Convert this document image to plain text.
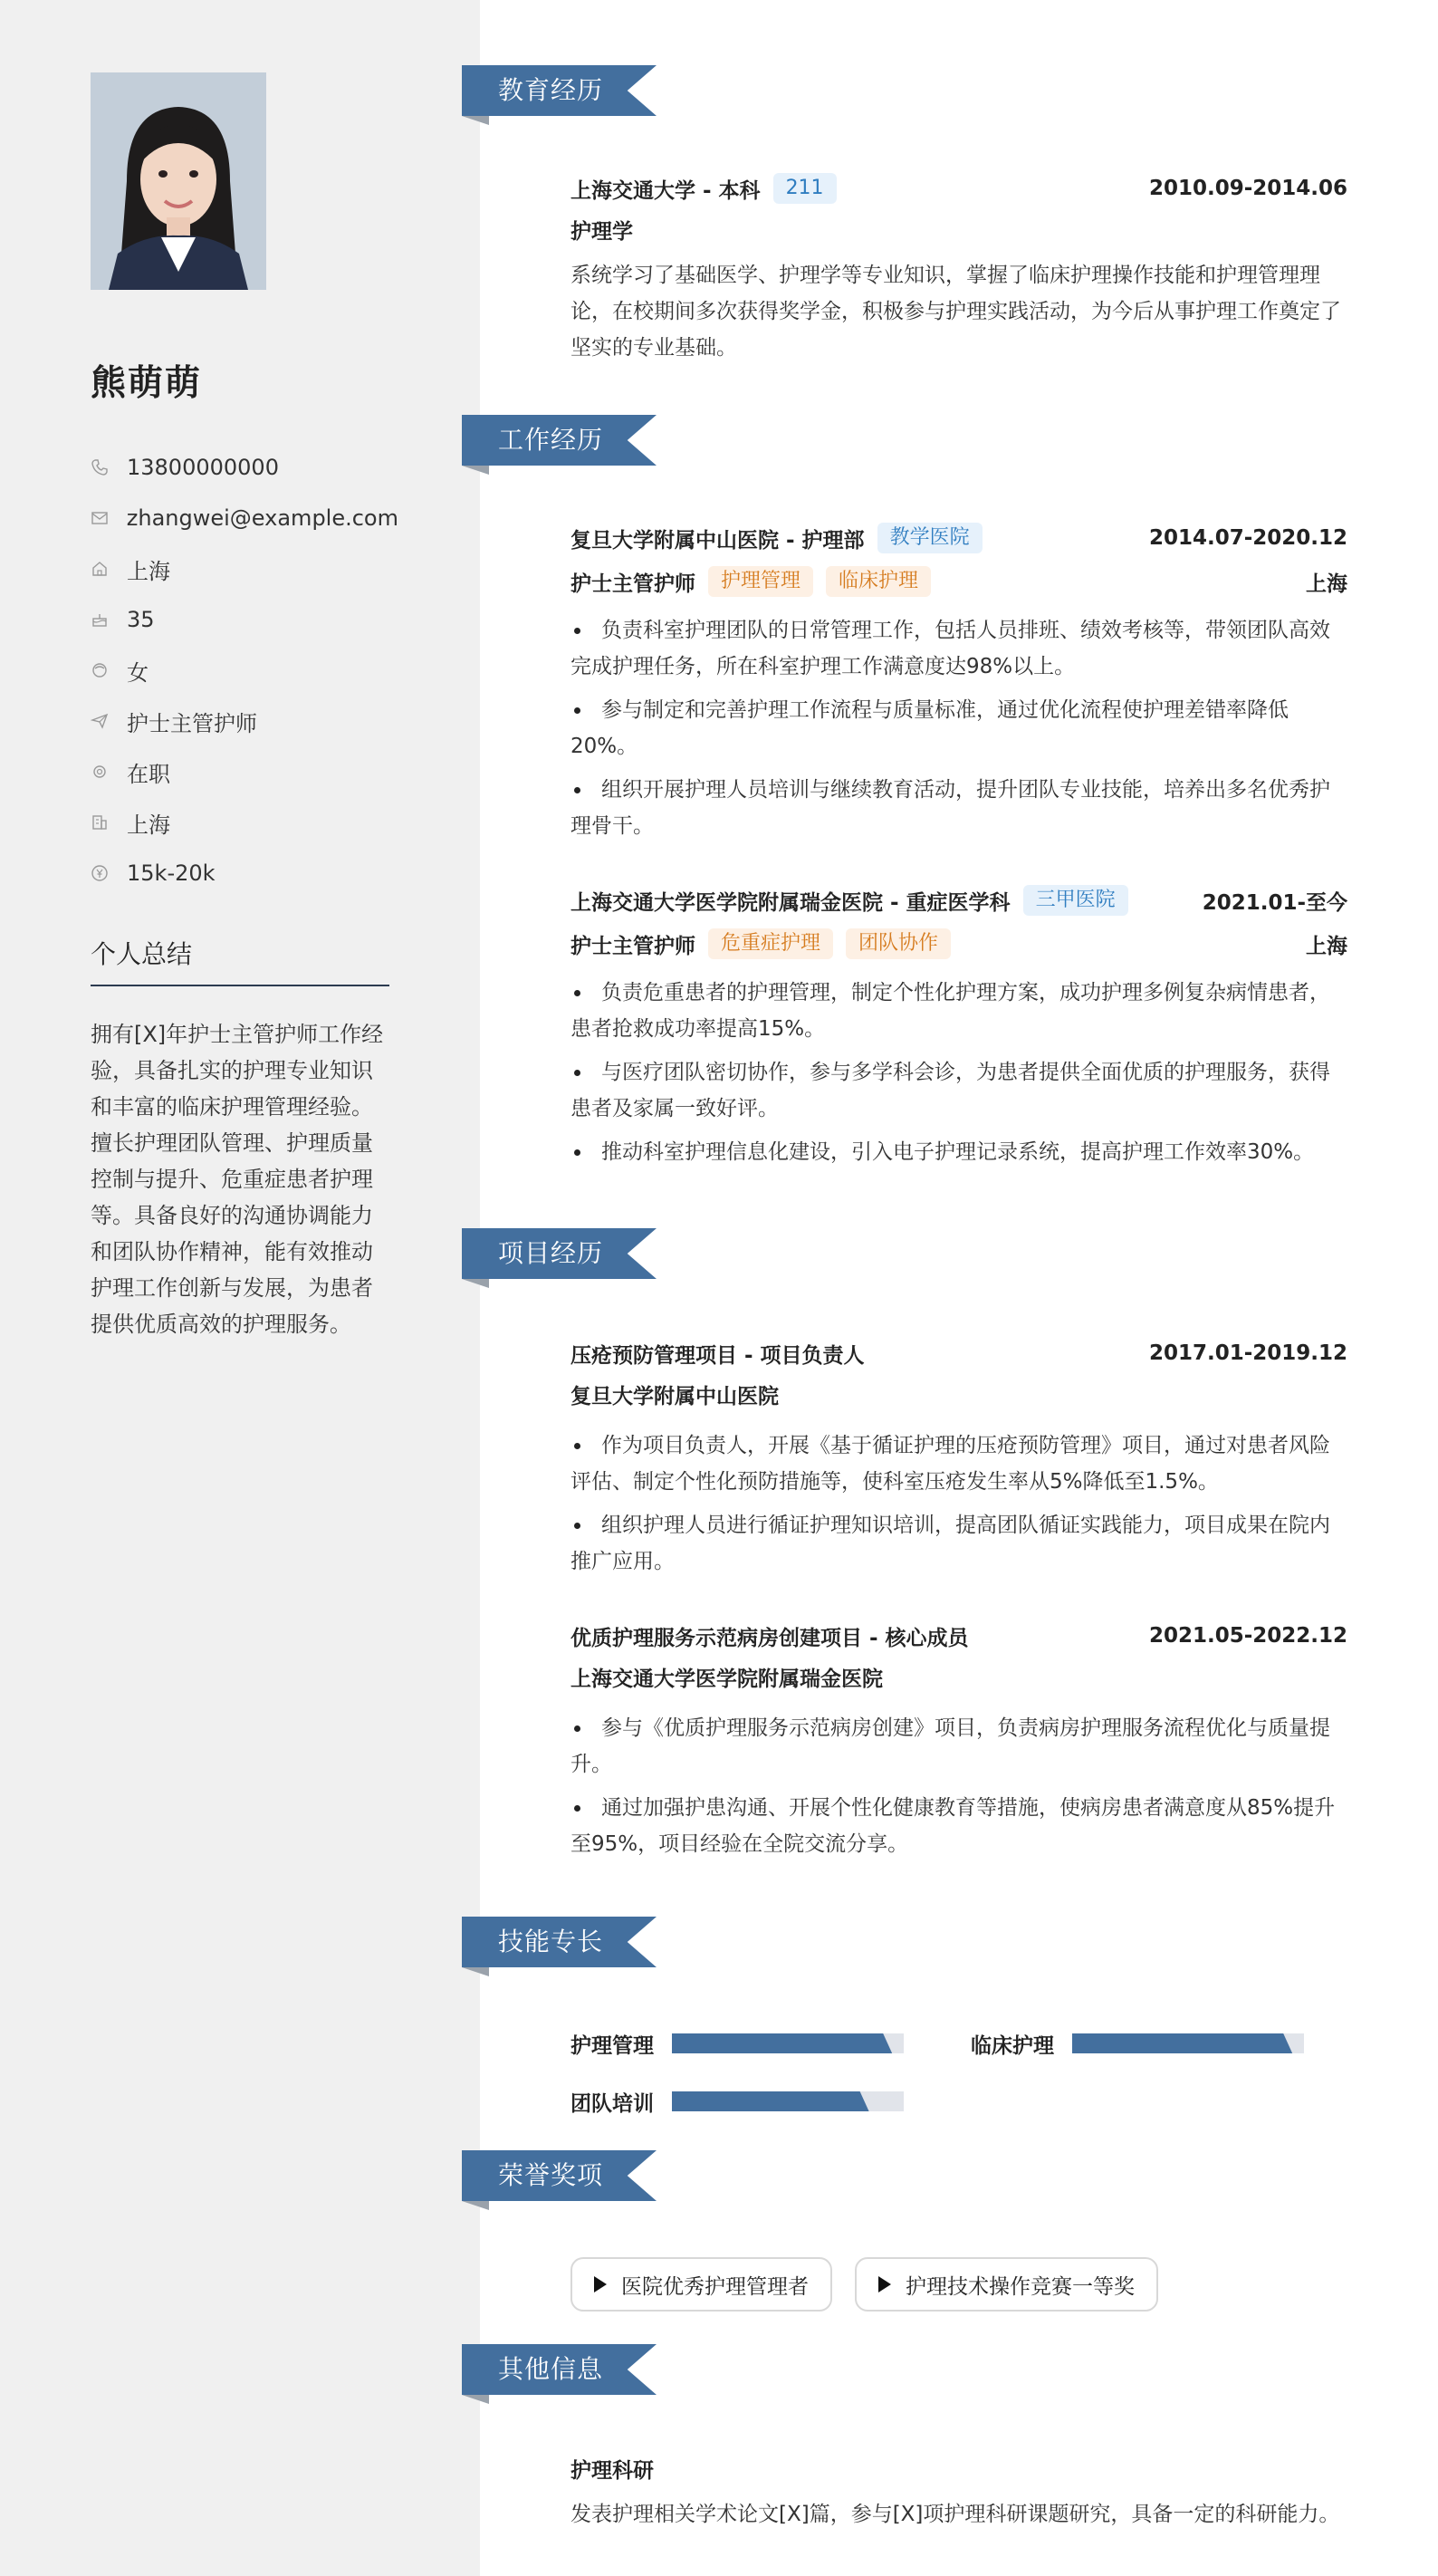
熊萌萌
13800000000
zhangwei@example.com
上海
35
女
护士主管护师
在职
上海
15k-20k
个人总结
拥有[X]年护士主管护师工作经验，具备扎实的护理专业知识和丰富的临床护理管理经验。擅长护理团队管理、护理质量控制与提升、危重症患者护理等。具备良好的沟通协调能力和团队协作精神，能有效推动护理工作创新与发展，为患者提供优质高效的护理服务。
教育经历
上海交通大学 - 本科	211	2010.09-2014.06
护理学
系统学习了基础医学、护理学等专业知识，掌握了临床护理操作技能和护理管理理论，在校期间多次获得奖学金，积极参与护理实践活动，为今后从事护理工作奠定了坚实的专业基础。
工作经历
复旦大学附属中山医院 - 护理部	教学医院	2014.07-2020.12
护士主管护师	护理管理	临床护理	上海
负责科室护理团队的日常管理工作，包括人员排班、绩效考核等，带领团队高效完成护理任务，所在科室护理工作满意度达98%以上。
参与制定和完善护理工作流程与质量标准，通过优化流程使护理差错率降低20%。
组织开展护理人员培训与继续教育活动，提升团队专业技能，培养出多名优秀护理骨干。
上海交通大学医学院附属瑞金医院 - 重症医学科	三甲医院	2021.01-至今
护士主管护师	危重症护理	团队协作	上海
负责危重患者的护理管理，制定个性化护理方案，成功护理多例复杂病情患者，患者抢救成功率提高15%。
与医疗团队密切协作，参与多学科会诊，为患者提供全面优质的护理服务，获得患者及家属一致好评。
推动科室护理信息化建设，引入电子护理记录系统，提高护理工作效率30%。
项目经历
压疮预防管理项目 - 项目负责人	2017.01-2019.12
复旦大学附属中山医院
作为项目负责人，开展《基于循证护理的压疮预防管理》项目，通过对患者风险评估、制定个性化预防措施等，使科室压疮发生率从5%降低至1.5%。
组织护理人员进行循证护理知识培训，提高团队循证实践能力，项目成果在院内推广应用。
优质护理服务示范病房创建项目 - 核心成员	2021.05-2022.12
上海交通大学医学院附属瑞金医院
参与《优质护理服务示范病房创建》项目，负责病房护理服务流程优化与质量提升。
通过加强护患沟通、开展个性化健康教育等措施，使病房患者满意度从85%提升至95%，项目经验在全院交流分享。
技能专长
护理管理	临床护理
团队培训
荣誉奖项
医院优秀护理管理者	护理技术操作竞赛一等奖
其他信息
护理科研
发表护理相关学术论文[X]篇，参与[X]项护理科研课题研究，具备一定的科研能力。
